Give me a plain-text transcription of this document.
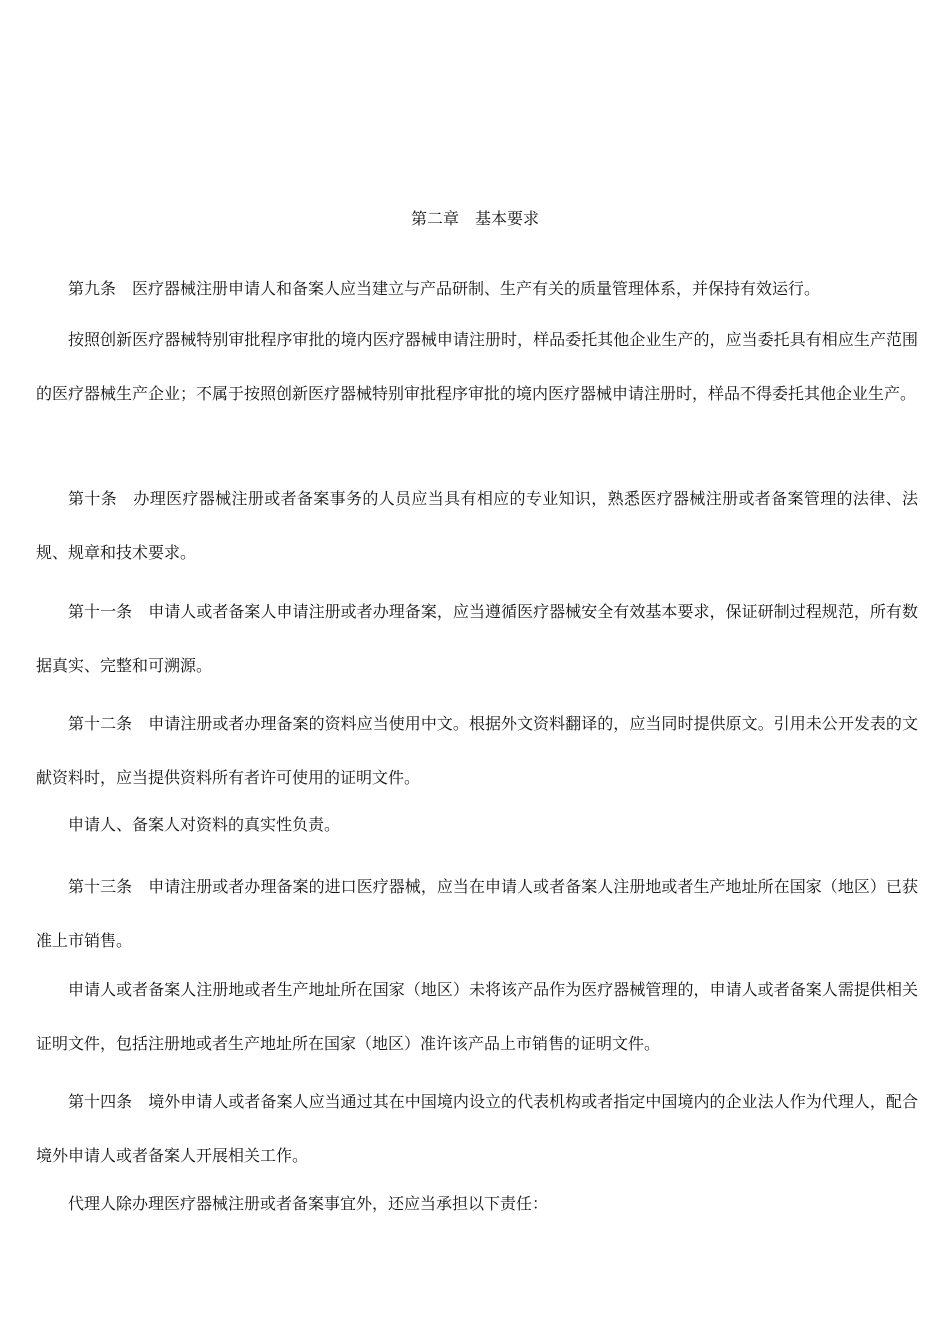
第二章　基本要求

第九条　 医疗器械注册申请人和备案人应当建立与产品研制、生产有关的质量管理体系，并保持有效运行。

按照创新医疗器械特别审批程序审批的境内医疗器械申请注册时，样品委托其他企业生产的，应当委托具有相应生产范围的医疗器械生产企业；不属于按照创新医疗器械特别审批程序审批的境内医疗器械申请注册时，样品不得委托其他企业生产。

第十条　 办理医疗器械注册或者备案事务的人员应当具有相应的专业知识，熟悉医疗器械注册或者备案管理的法律、法规、规章和技术要求。

第十一条　 申请人或者备案人申请注册或者办理备案，应当遵循医疗器械安全有效基本要求，保证研制过程规范，所有数据真实、完整和可溯源。

第十二条　 申请注册或者办理备案的资料应当使用中文。根据外文资料翻译的，应当同时提供原文。引用未公开发表的文献资料时，应当提供资料所有者许可使用的证明文件。

申请人、备案人对资料的真实性负责。

第十三条　 申请注册或者办理备案的进口医疗器械，应当在申请人或者备案人注册地或者生产地址所在国家（地区）已获准上市销售。

申请人或者备案人注册地或者生产地址所在国家（地区）未将该产品作为医疗器械管理的，申请人或者备案人需提供相关证明文件，包括注册地或者生产地址所在国家（地区）准许该产品上市销售的证明文件。

第十四条　 境外申请人或者备案人应当通过其在中国境内设立的代表机构或者指定中国境内的企业法人作为代理人，配合境外申请人或者备案人开展相关工作。

代理人除办理医疗器械注册或者备案事宜外，还应当承担以下责任：
